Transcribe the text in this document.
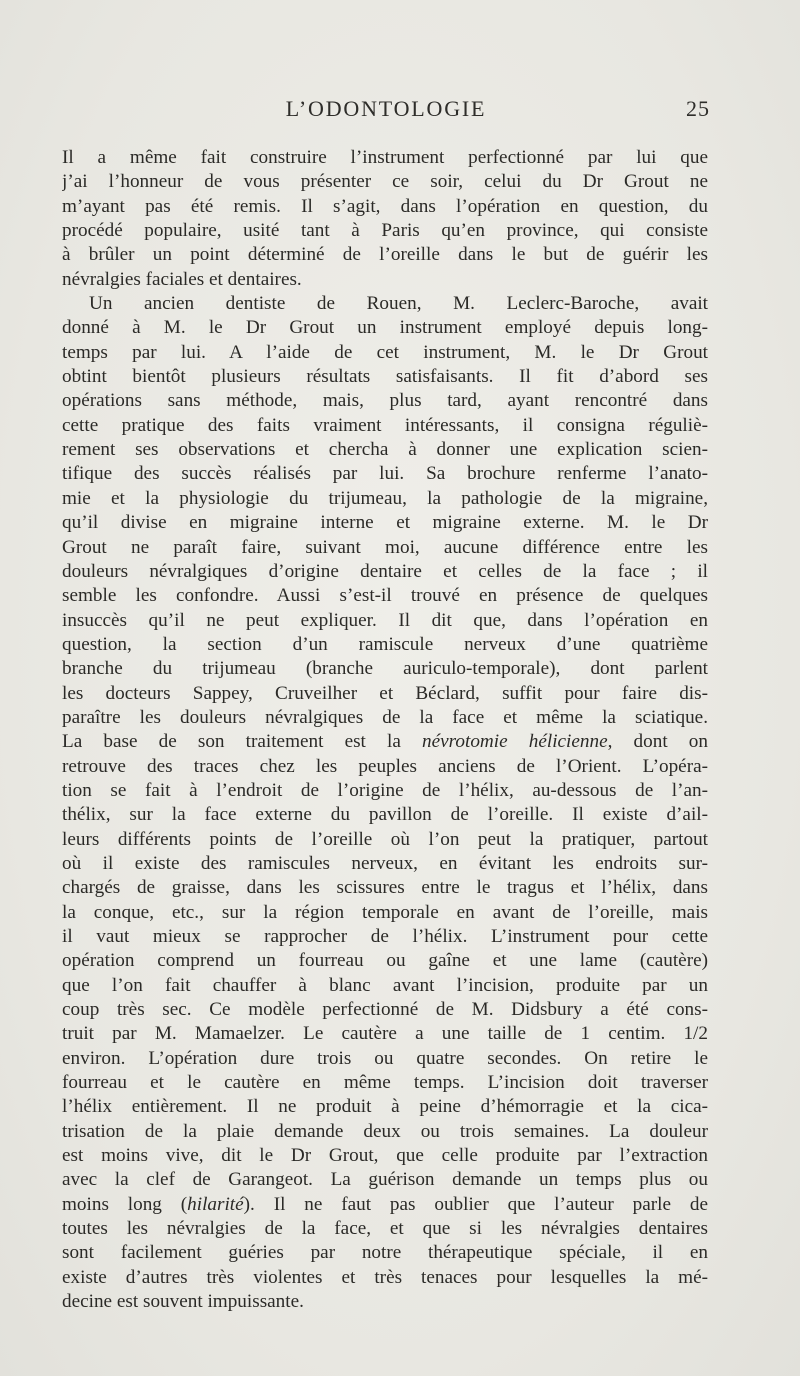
L’ODONTOLOGIE	25
Il a même fait construire l’instrument perfectionné par lui que
j’ai l’honneur de vous présenter ce soir, celui du Dr Grout ne
m’ayant pas été remis. Il s’agit, dans l’opération en question, du
procédé populaire, usité tant à Paris qu’en province, qui consiste
à brûler un point déterminé de l’oreille dans le but de guérir les
névralgies faciales et dentaires.
Un ancien dentiste de Rouen, M. Leclerc-Baroche, avait
donné à M. le Dr Grout un instrument employé depuis long-
temps par lui. A l’aide de cet instrument, M. le Dr Grout
obtint bientôt plusieurs résultats satisfaisants. Il fit d’abord ses
opérations sans méthode, mais, plus tard, ayant rencontré dans
cette pratique des faits vraiment intéressants, il consigna réguliè-
rement ses observations et chercha à donner une explication scien-
tifique des succès réalisés par lui. Sa brochure renferme l’anato-
mie et la physiologie du trijumeau, la pathologie de la migraine,
qu’il divise en migraine interne et migraine externe. M. le Dr
Grout ne paraît faire, suivant moi, aucune différence entre les
douleurs névralgiques d’origine dentaire et celles de la face ; il
semble les confondre. Aussi s’est-il trouvé en présence de quelques
insuccès qu’il ne peut expliquer. Il dit que, dans l’opération en
question, la section d’un ramiscule nerveux d’une quatrième
branche du trijumeau (branche auriculo-temporale), dont parlent
les docteurs Sappey, Cruveilher et Béclard, suffit pour faire dis-
paraître les douleurs névralgiques de la face et même la sciatique.
La base de son traitement est la névrotomie hélicienne, dont on
retrouve des traces chez les peuples anciens de l’Orient. L’opéra-
tion se fait à l’endroit de l’origine de l’hélix, au-dessous de l’an-
thélix, sur la face externe du pavillon de l’oreille. Il existe d’ail-
leurs différents points de l’oreille où l’on peut la pratiquer, partout
où il existe des ramiscules nerveux, en évitant les endroits sur-
chargés de graisse, dans les scissures entre le tragus et l’hélix, dans
la conque, etc., sur la région temporale en avant de l’oreille, mais
il vaut mieux se rapprocher de l’hélix. L’instrument pour cette
opération comprend un fourreau ou gaîne et une lame (cautère)
que l’on fait chauffer à blanc avant l’incision, produite par un
coup très sec. Ce modèle perfectionné de M. Didsbury a été cons-
truit par M. Mamaelzer. Le cautère a une taille de 1 centim. 1/2
environ. L’opération dure trois ou quatre secondes. On retire le
fourreau et le cautère en même temps. L’incision doit traverser
l’hélix entièrement. Il ne produit à peine d’hémorragie et la cica-
trisation de la plaie demande deux ou trois semaines. La douleur
est moins vive, dit le Dr Grout, que celle produite par l’extraction
avec la clef de Garangeot. La guérison demande un temps plus ou
moins long (hilarité). Il ne faut pas oublier que l’auteur parle de
toutes les névralgies de la face, et que si les névralgies dentaires
sont facilement guéries par notre thérapeutique spéciale, il en
existe d’autres très violentes et très tenaces pour lesquelles la mé-
decine est souvent impuissante.
